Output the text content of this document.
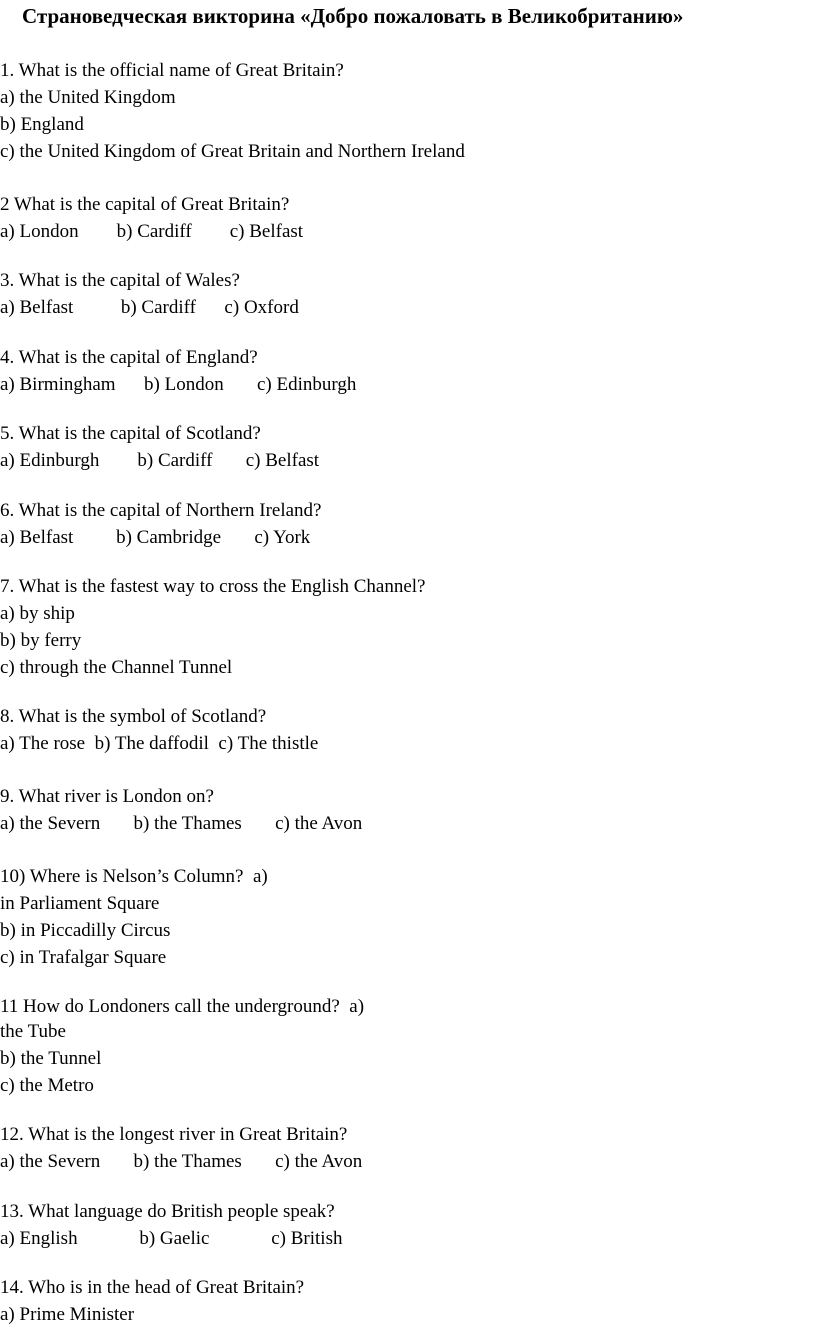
Страноведческая викторина «Добро пожаловать в Великобританию»
1. What is the official name of Great Britain?
a) the United Kingdom
b) England
c) the United Kingdom of Great Britain and Northern Ireland
2 What is the capital of Great Britain?
a) London        b) Cardiff        c) Belfast
3. What is the capital of Wales?
a) Belfast          b) Cardiff      c) Oxford
4. What is the capital of England?
a) Birmingham      b) London       c) Edinburgh
5. What is the capital of Scotland?
a) Edinburgh        b) Cardiff       c) Belfast
6. What is the capital of Northern Ireland?
a) Belfast         b) Cambridge       c) York
7. What is the fastest way to cross the English Channel?
a) by ship
b) by ferry
c) through the Channel Tunnel
8. What is the symbol of Scotland?
a) The rose  b) The daffodil  c) The thistle
9. What river is London on?
a) the Severn       b) the Thames       c) the Avon
10) Where is Nelson’s Column?  a)
in Parliament Square
b) in Piccadilly Circus
c) in Trafalgar Square
11 How do Londoners call the underground?  a)
the Tube
b) the Tunnel
c) the Metro
12. What is the longest river in Great Britain?
a) the Severn       b) the Thames       c) the Avon
13. What language do British people speak?
a) English             b) Gaelic             c) British
14. Who is in the head of Great Britain?
a) Prime Minister
